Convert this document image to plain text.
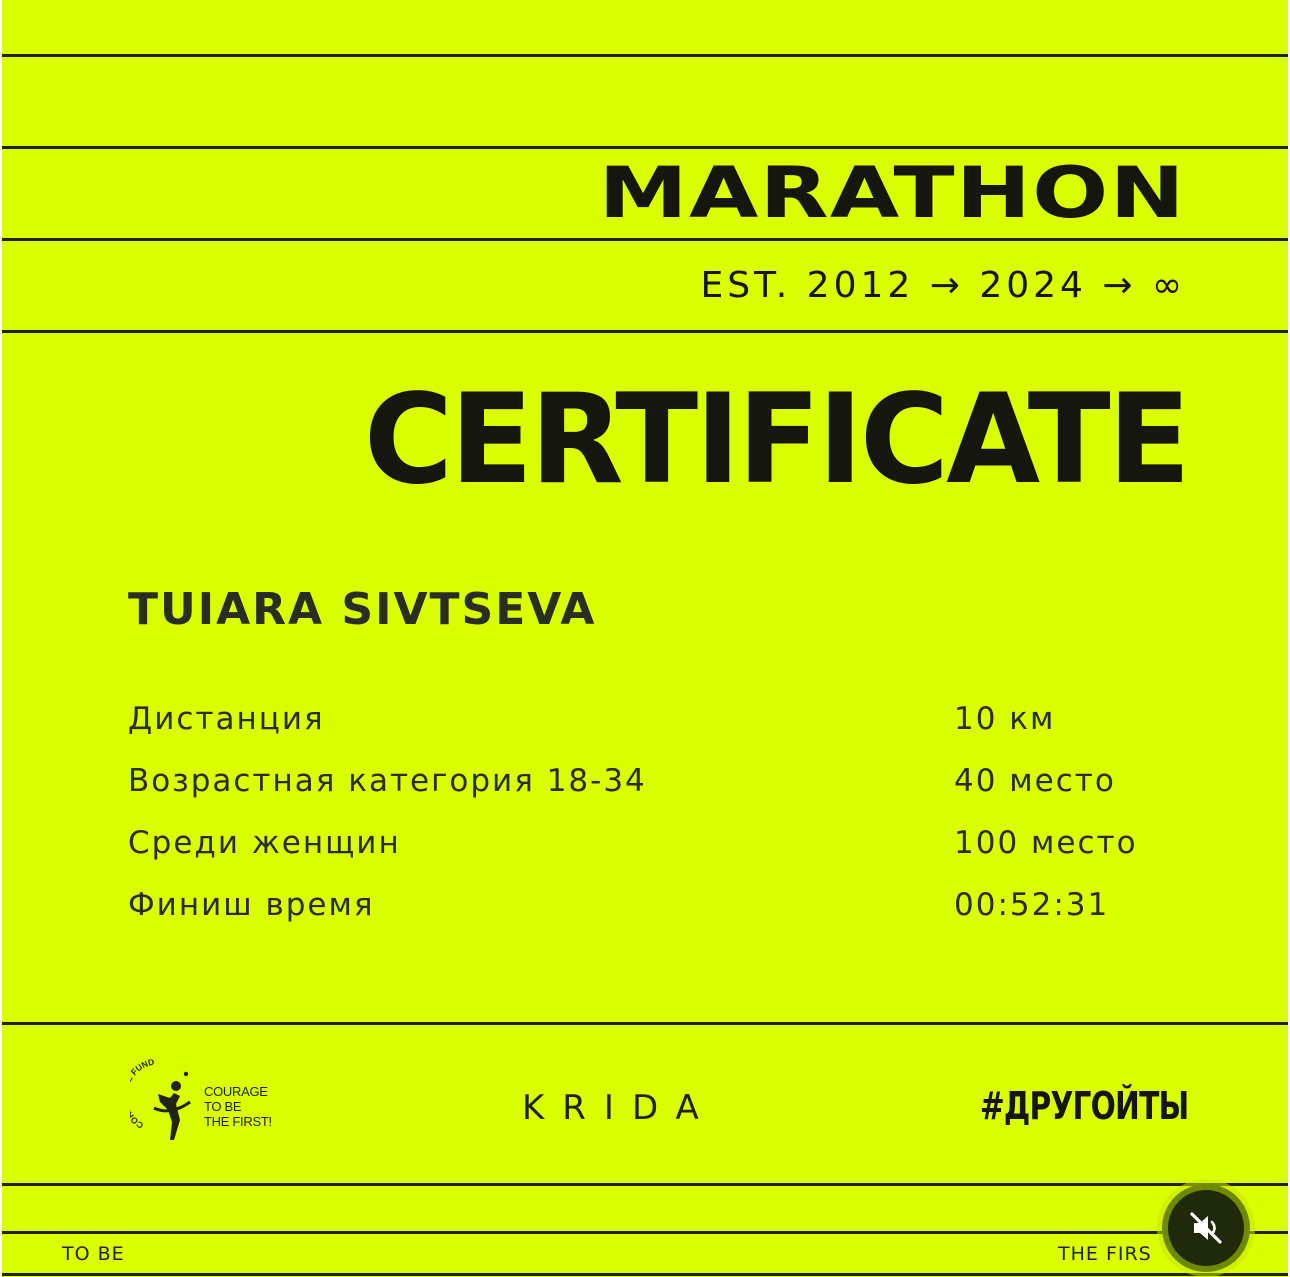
MARATHON
EST. 2012 → 2024 → ∞
CERTIFICATE
TUIARA SIVTSEVA
Дистанция	10 км
Возрастная категория 18-34	40 место
Среди женщин	100 место
Финиш время	00:52:31
C UND
COURAGE
TO BE
THE FIRST!	KRIDA	#ДРУГОЙТЫ
TO BE	THE FIRS
